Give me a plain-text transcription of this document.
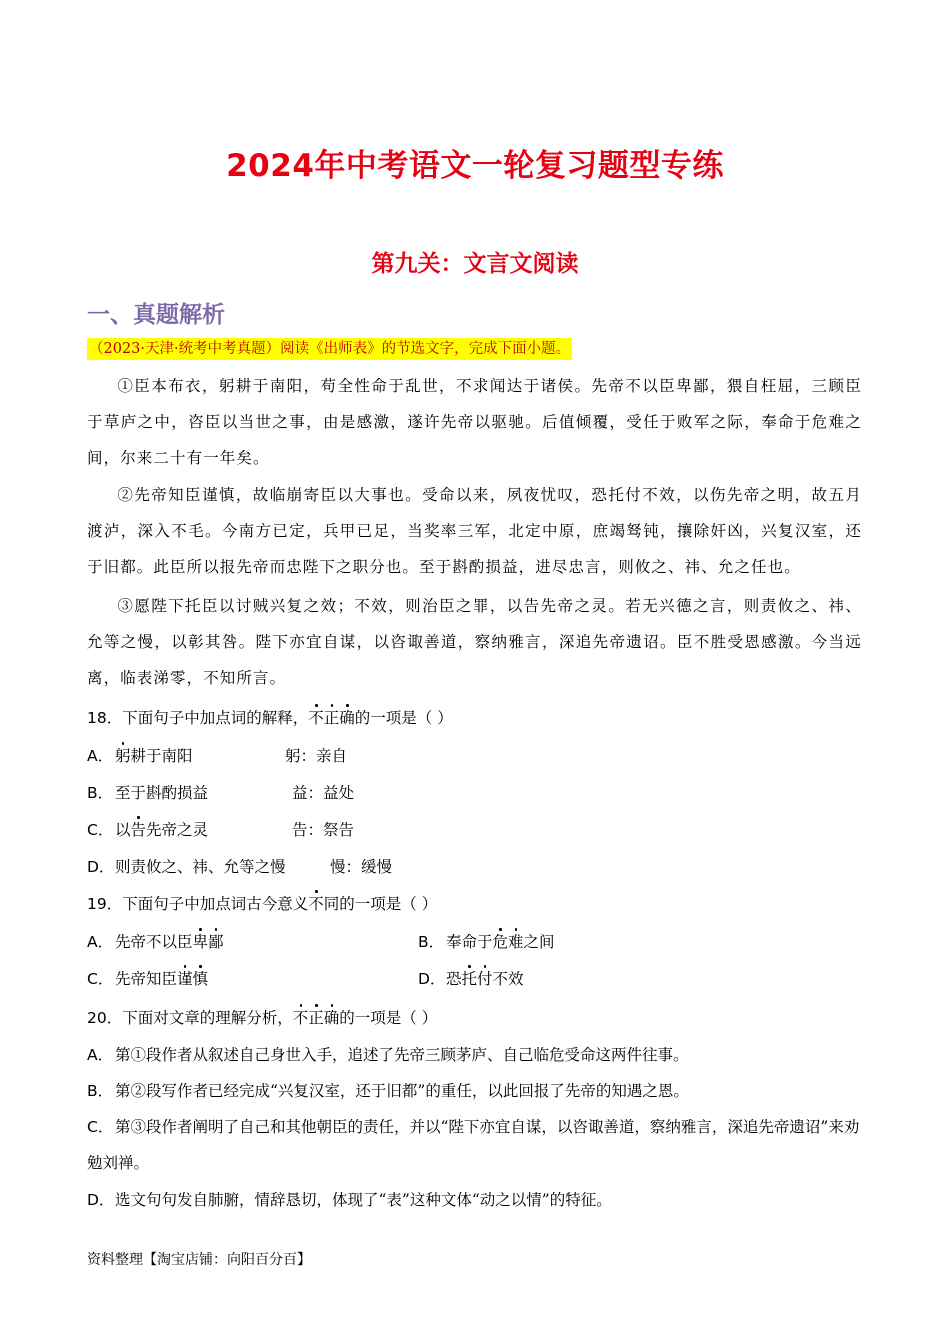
2024年中考语文一轮复习题型专练
第九关：文言文阅读
一、真题解析
（2023·天津·统考中考真题）阅读《出师表》的节选文字，完成下面小题。
①臣本布衣，躬耕于南阳，苟全性命于乱世，不求闻达于诸侯。先帝不以臣卑鄙，猥自枉屈，三顾臣于草庐之中，咨臣以当世之事，由是感激，遂许先帝以驱驰。后值倾覆，受任于败军之际，奉命于危难之间，尔来二十有一年矣。
②先帝知臣谨慎，故临崩寄臣以大事也。受命以来，夙夜忧叹，恐托付不效，以伤先帝之明，故五月渡泸，深入不毛。今南方已定，兵甲已足，当奖率三军，北定中原，庶竭驽钝，攘除奸凶，兴复汉室，还于旧都。此臣所以报先帝而忠陛下之职分也。至于斟酌损益，进尽忠言，则攸之、祎、允之任也。
③愿陛下托臣以讨贼兴复之效；不效，则治臣之罪，以告先帝之灵。若无兴德之言，则责攸之、祎、允等之慢，以彰其咎。陛下亦宜自谋，以咨诹善道，察纳雅言，深追先帝遗诏。臣不胜受恩感激。今当远离，临表涕零，不知所言。
18．下面句子中加点词的解释，不正确的一项是（ ）
A． 躬耕于南阳	躬：亲自
B． 至于斟酌损益	益：益处
C． 以告先帝之灵	告：祭告
D．则责攸之、祎、允等之慢	慢：缓慢
19．下面句子中加点词古今意义不同的一项是（ ）
A． 先帝不以臣卑鄙	B． 奉命于危难之间
C． 先帝知臣谨慎	D．恐托付不效
20．下面对文章的理解分析，不正确的一项是（ ）
A． 第①段作者从叙述自己身世入手，追述了先帝三顾茅庐、自己临危受命这两件往事。
B． 第②段写作者已经完成“兴复汉室，还于旧都”的重任，以此回报了先帝的知遇之恩。
C． 第③段作者阐明了自己和其他朝臣的责任，并以“陛下亦宜自谋，以咨诹善道，察纳雅言，深追先帝遗诏”来劝勉刘禅。
D．选文句句发自肺腑，情辞恳切，体现了“表”这种文体“动之以情”的特征。
资料整理【淘宝店铺：向阳百分百】
